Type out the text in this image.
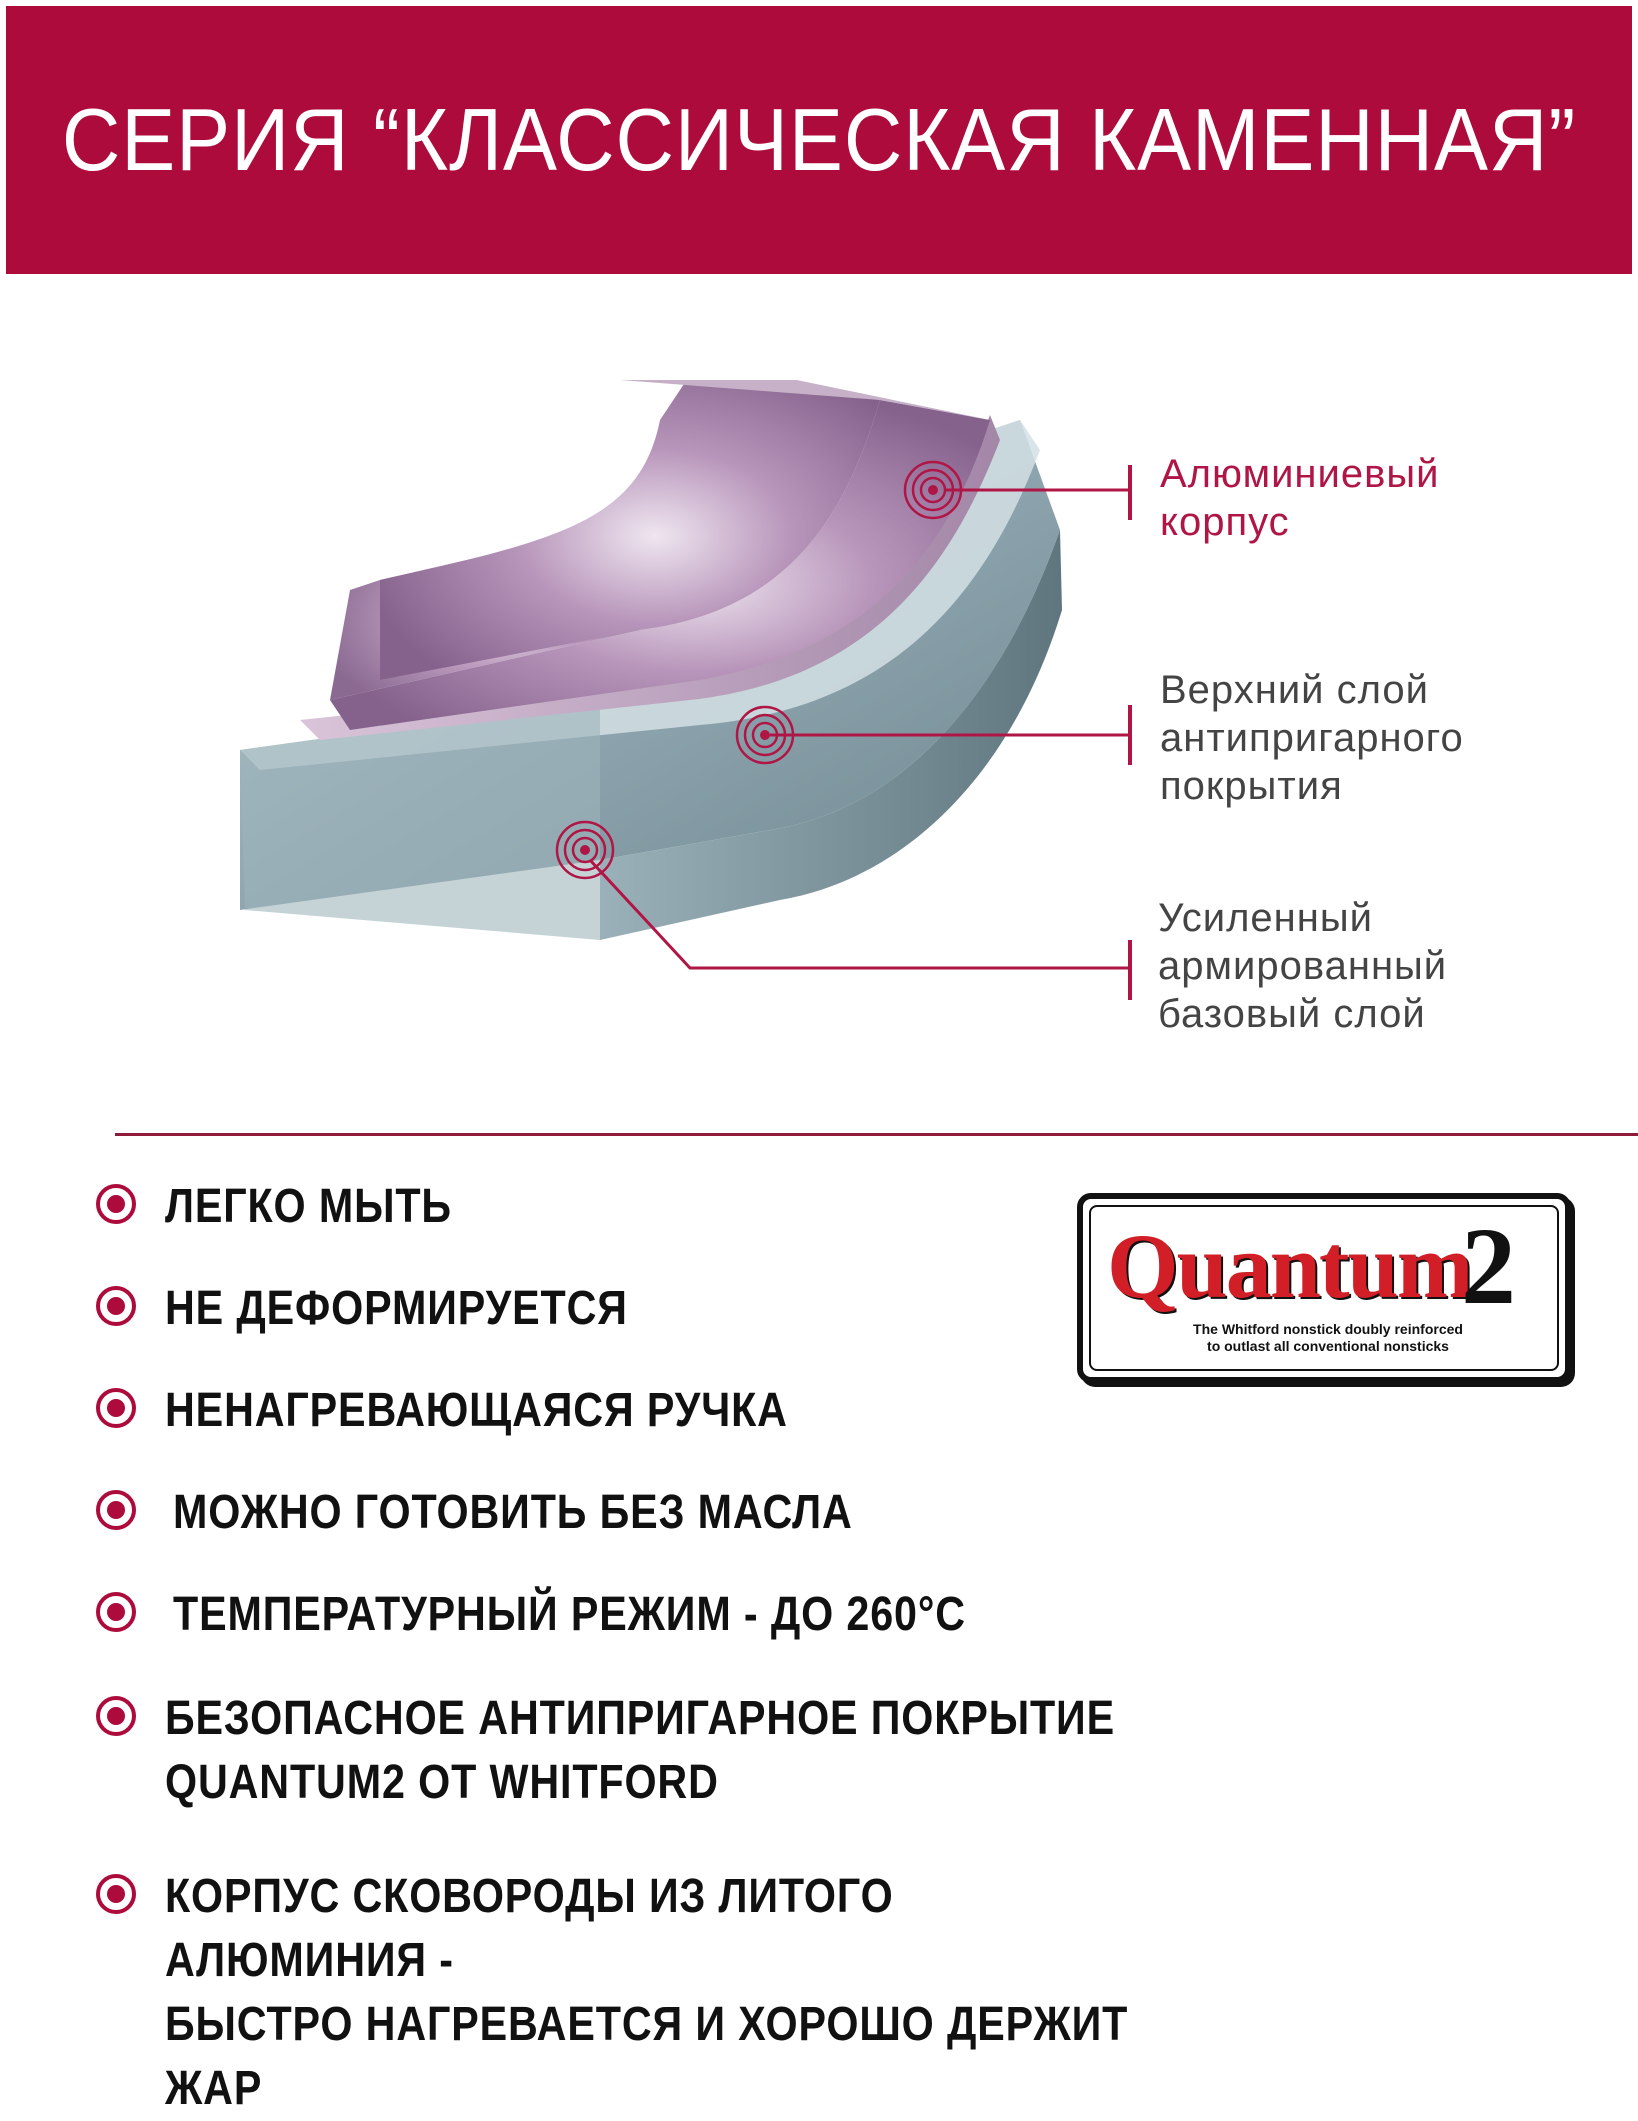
СЕРИЯ “КЛАССИЧЕСКАЯ КАМЕННАЯ”
Алюминиевый
корпус
Верхний слой
антипригарного
покрытия
Усиленный
армированный
базовый слой
ЛЕГКО МЫТЬ
НЕ ДЕФОРМИРУЕТСЯ
НЕНАГРЕВАЮЩАЯСЯ РУЧКА
МОЖНО ГОТОВИТЬ БЕЗ МАСЛА
ТЕМПЕРАТУРНЫЙ РЕЖИМ - ДО 260°С
БЕЗОПАСНОЕ АНТИПРИГАРНОЕ ПОКРЫТИЕ
QUANTUM2 ОТ WHITFORD
КОРПУС СКОВОРОДЫ ИЗ ЛИТОГО АЛЮМИНИЯ -
БЫСТРО НАГРЕВАЕТСЯ И ХОРОШО ДЕРЖИТ ЖАР
Quantum
2
The Whitford nonstick doubly reinforced
to outlast all conventional nonsticks
